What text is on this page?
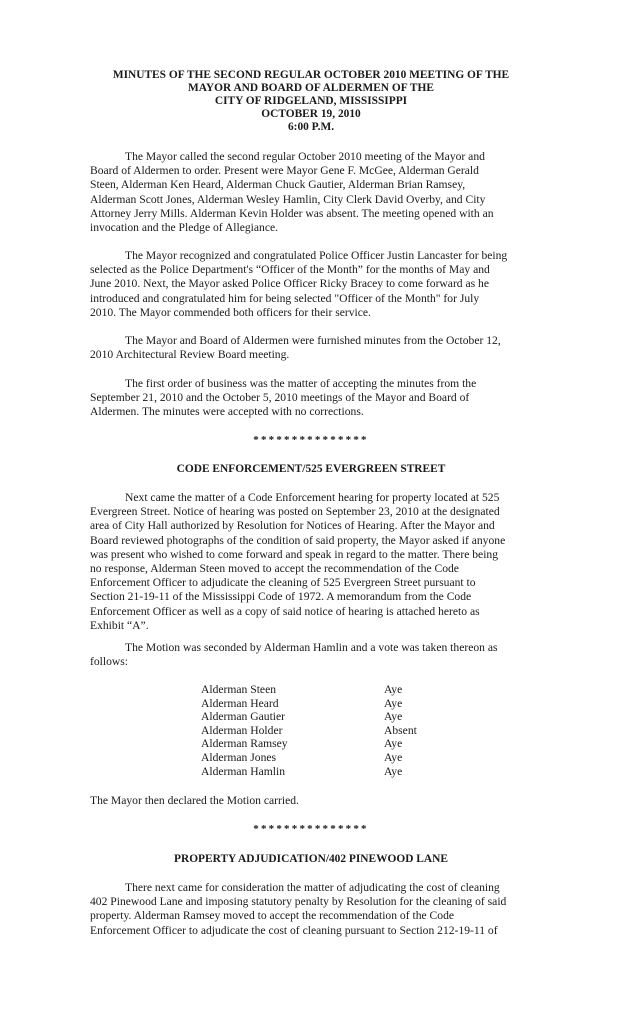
MINUTES OF THE SECOND REGULAR OCTOBER 2010 MEETING OF THE
MAYOR AND BOARD OF ALDERMEN OF THE
CITY OF RIDGELAND, MISSISSIPPI
OCTOBER 19, 2010
6:00 P.M.
The Mayor called the second regular October 2010 meeting of the Mayor and
Board of Aldermen to order. Present were Mayor Gene F. McGee, Alderman Gerald
Steen, Alderman Ken Heard, Alderman Chuck Gautier, Alderman Brian Ramsey,
Alderman Scott Jones, Alderman Wesley Hamlin, City Clerk David Overby, and City
Attorney Jerry Mills. Alderman Kevin Holder was absent. The meeting opened with an
invocation and the Pledge of Allegiance.
The Mayor recognized and congratulated Police Officer Justin Lancaster for being
selected as the Police Department's “Officer of the Month” for the months of May and
June 2010. Next, the Mayor asked Police Officer Ricky Bracey to come forward as he
introduced and congratulated him for being selected "Officer of the Month" for July
2010. The Mayor commended both officers for their service.
The Mayor and Board of Aldermen were furnished minutes from the October 12,
2010 Architectural Review Board meeting.
The first order of business was the matter of accepting the minutes from the
September 21, 2010 and the October 5, 2010 meetings of the Mayor and Board of
Aldermen. The minutes were accepted with no corrections.
***************
CODE ENFORCEMENT/525 EVERGREEN STREET
Next came the matter of a Code Enforcement hearing for property located at 525
Evergreen Street. Notice of hearing was posted on September 23, 2010 at the designated
area of City Hall authorized by Resolution for Notices of Hearing. After the Mayor and
Board reviewed photographs of the condition of said property, the Mayor asked if anyone
was present who wished to come forward and speak in regard to the matter. There being
no response, Alderman Steen moved to accept the recommendation of the Code
Enforcement Officer to adjudicate the cleaning of 525 Evergreen Street pursuant to
Section 21-19-11 of the Mississippi Code of 1972. A memorandum from the Code
Enforcement Officer as well as a copy of said notice of hearing is attached hereto as
Exhibit “A”.
The Motion was seconded by Alderman Hamlin and a vote was taken thereon as
follows:
Alderman Steen	Aye
Alderman Heard	Aye
Alderman Gautier	Aye
Alderman Holder	Absent
Alderman Ramsey	Aye
Alderman Jones	Aye
Alderman Hamlin	Aye
The Mayor then declared the Motion carried.
***************
PROPERTY ADJUDICATION/402 PINEWOOD LANE
There next came for consideration the matter of adjudicating the cost of cleaning
402 Pinewood Lane and imposing statutory penalty by Resolution for the cleaning of said
property. Alderman Ramsey moved to accept the recommendation of the Code
Enforcement Officer to adjudicate the cost of cleaning pursuant to Section 212-19-11 of
